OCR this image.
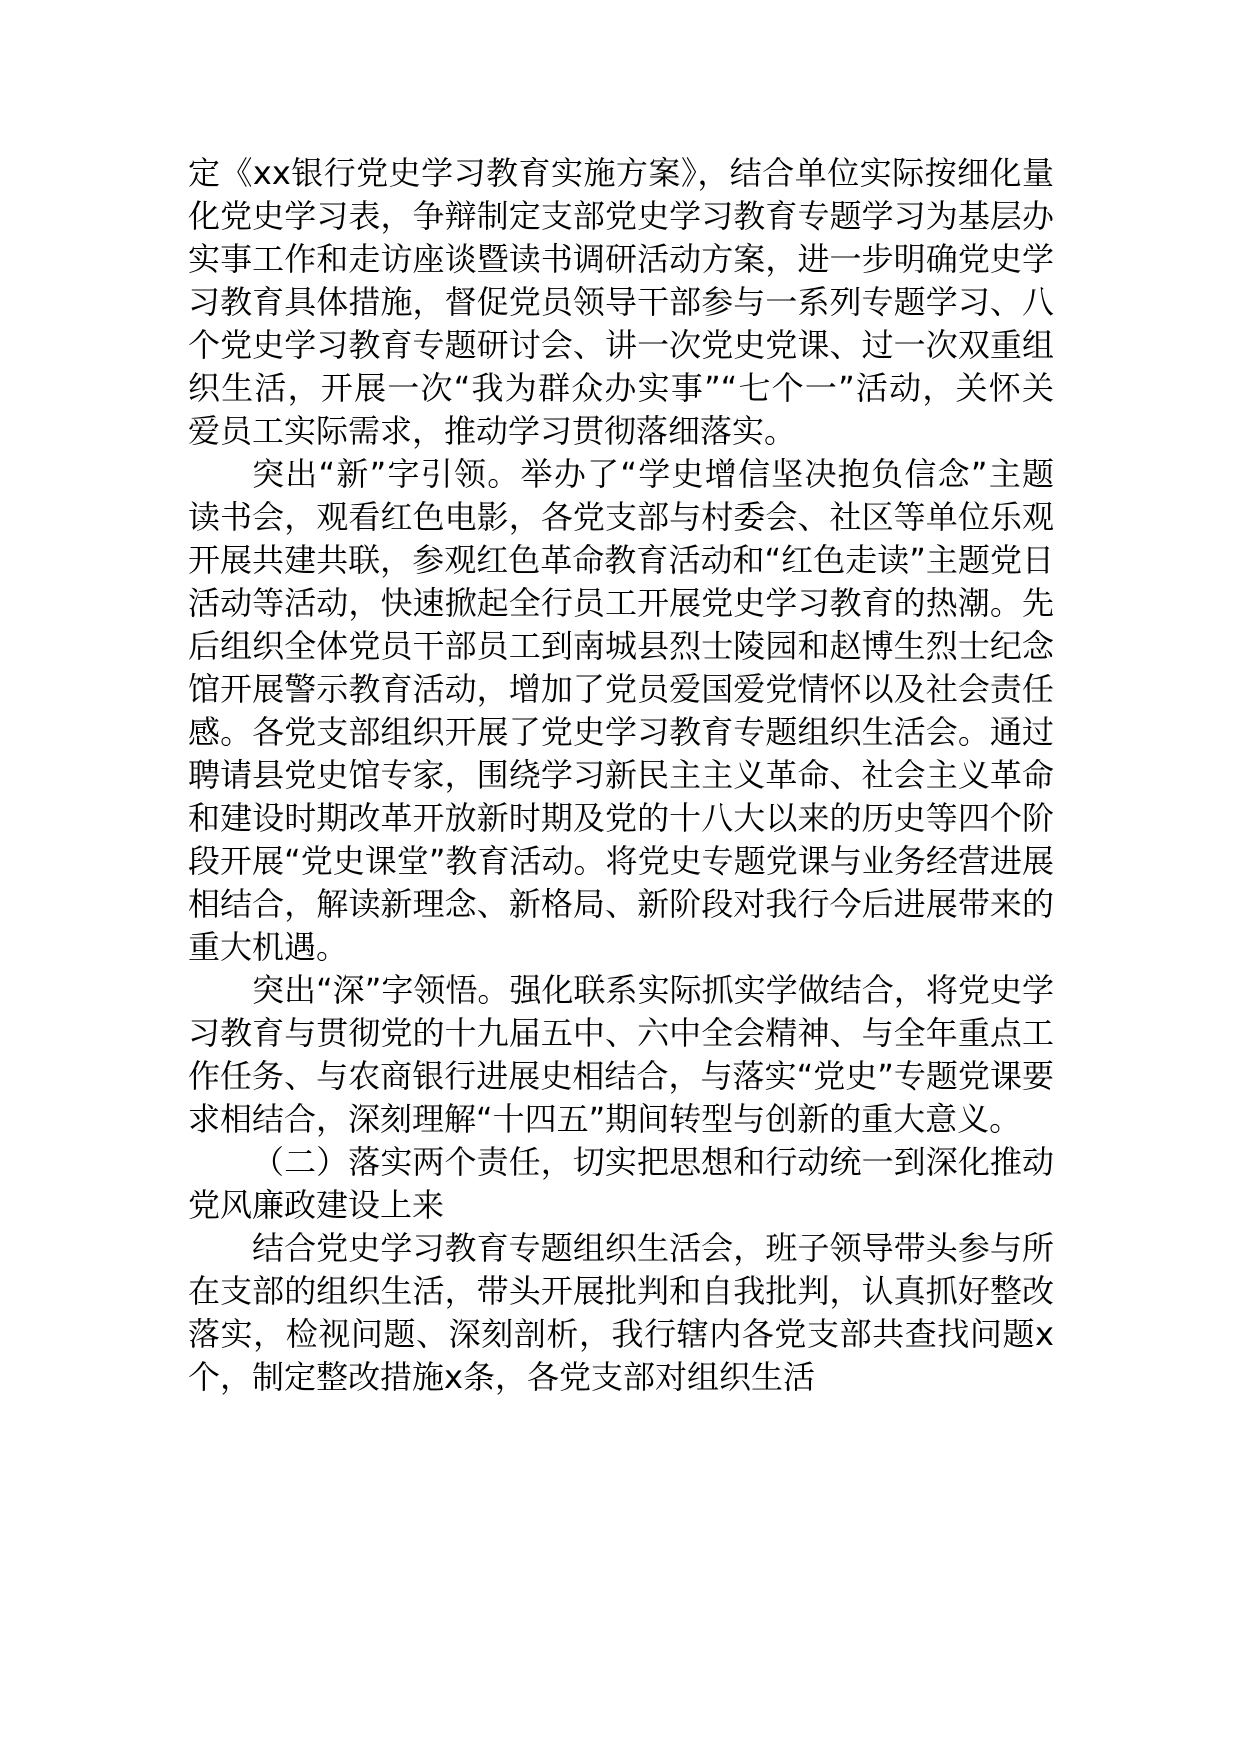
定《xx银行党史学习教育实施方案》，结合单位实际按细化量化党史学习表，争辩制定支部党史学习教育专题学习为基层办实事工作和走访座谈暨读书调研活动方案，进一步明确党史学习教育具体措施，督促党员领导干部参与一系列专题学习、八个党史学习教育专题研讨会、讲一次党史党课、过一次双重组织生活，开展一次“我为群众办实事”“七个一”活动，关怀关爱员工实际需求，推动学习贯彻落细落实。

突出“新”字引领。举办了“学史增信坚决抱负信念”主题读书会，观看红色电影，各党支部与村委会、社区等单位乐观开展共建共联，参观红色革命教育活动和“红色走读”主题党日活动等活动，快速掀起全行员工开展党史学习教育的热潮。先后组织全体党员干部员工到南城县烈士陵园和赵博生烈士纪念馆开展警示教育活动，增加了党员爱国爱党情怀以及社会责任感。各党支部组织开展了党史学习教育专题组织生活会。通过聘请县党史馆专家，围绕学习新民主主义革命、社会主义革命和建设时期改革开放新时期及党的十八大以来的历史等四个阶段开展“党史课堂”教育活动。将党史专题党课与业务经营进展相结合，解读新理念、新格局、新阶段对我行今后进展带来的重大机遇。

突出“深”字领悟。强化联系实际抓实学做结合，将党史学习教育与贯彻党的十九届五中、六中全会精神、与全年重点工作任务、与农商银行进展史相结合，与落实“党史”专题党课要求相结合，深刻理解“十四五”期间转型与创新的重大意义。

（二）落实两个责任，切实把思想和行动统一到深化推动党风廉政建设上来

结合党史学习教育专题组织生活会，班子领导带头参与所在支部的组织生活，带头开展批判和自我批判，认真抓好整改落实，检视问题、深刻剖析，我行辖内各党支部共查找问题x个，制定整改措施x条，各党支部对组织生活
